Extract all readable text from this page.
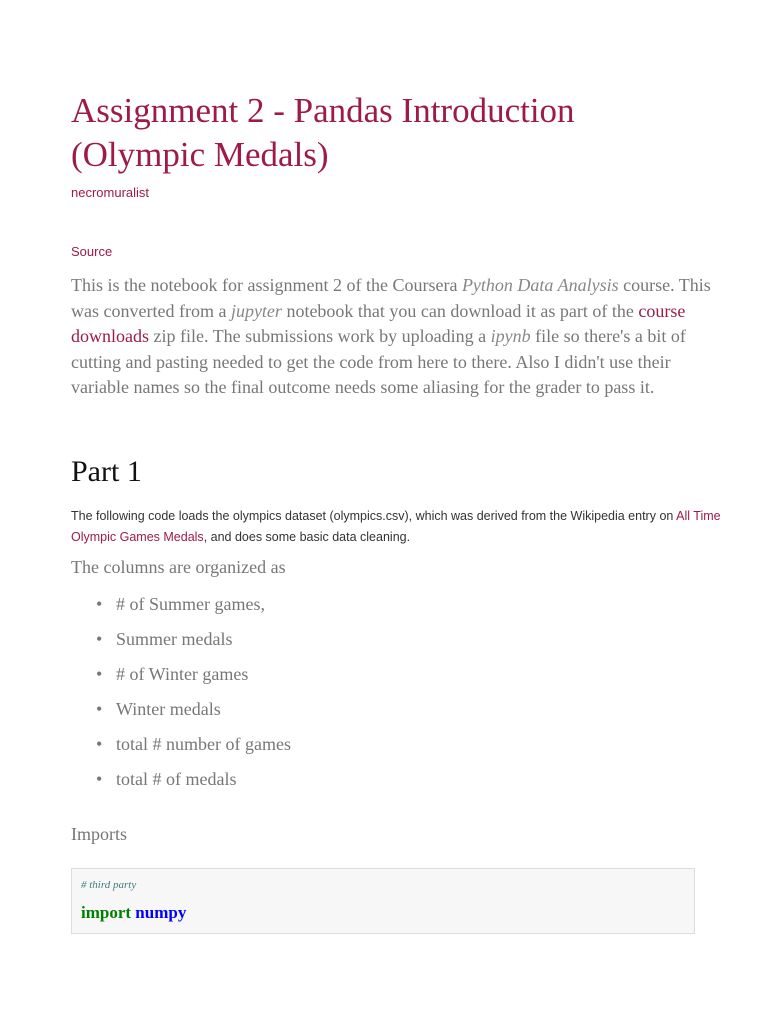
Assignment 2 - Pandas Introduction (Olympic Medals)
necromuralist
Source

This is the notebook for assignment 2 of the Coursera Python Data Analysis course. This was converted from a jupyter notebook that you can download it as part of the course downloads zip file. The submissions work by uploading a ipynb file so there's a bit of cutting and pasting needed to get the code from here to there. Also I didn't use their variable names so the final outcome needs some aliasing for the grader to pass it.

Part 1

The following code loads the olympics dataset (olympics.csv), which was derived from the Wikipedia entry on All Time Olympic Games Medals, and does some basic data cleaning.

The columns are organized as

• # of Summer games,
• Summer medals
• # of Winter games
• Winter medals
• total # number of games
• total # of medals

Imports

# third party
import numpy
